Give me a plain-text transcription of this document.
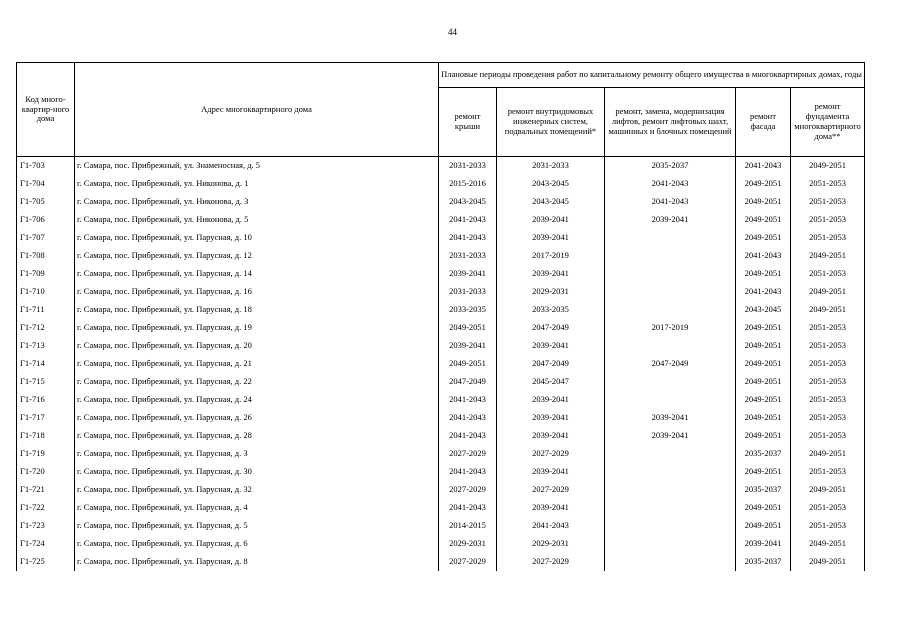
44
Код много-квартир-ного дома	Адрес многоквартирного дома	Плановые периоды проведения работ по капитальному ремонту общего имущества в многоквартирных домах, годы				
		ремонт крыши	ремонт внутридомовых инженерных систем, подвальных помещений*	ремонт, замена, модернизация лифтов, ремонт лифтовых шахт, машинных и блочных помещений	ремонт фасада	ремонт фундамента многоквартирного дома**
Г1-703	г. Самара, пос. Прибрежный, ул. Знаменосная, д. 5	2031-2033	2031-2033	2035-2037	2041-2043	2049-2051
Г1-704	г. Самара, пос. Прибрежный, ул. Никонова, д. 1	2015-2016	2043-2045	2041-2043	2049-2051	2051-2053
Г1-705	г. Самара, пос. Прибрежный, ул. Никонова, д. 3	2043-2045	2043-2045	2041-2043	2049-2051	2051-2053
Г1-706	г. Самара, пос. Прибрежный, ул. Никонова, д. 5	2041-2043	2039-2041	2039-2041	2049-2051	2051-2053
Г1-707	г. Самара, пос. Прибрежный, ул. Парусная, д. 10	2041-2043	2039-2041		2049-2051	2051-2053
Г1-708	г. Самара, пос. Прибрежный, ул. Парусная, д. 12	2031-2033	2017-2019		2041-2043	2049-2051
Г1-709	г. Самара, пос. Прибрежный, ул. Парусная, д. 14	2039-2041	2039-2041		2049-2051	2051-2053
Г1-710	г. Самара, пос. Прибрежный, ул. Парусная, д. 16	2031-2033	2029-2031		2041-2043	2049-2051
Г1-711	г. Самара, пос. Прибрежный, ул. Парусная, д. 18	2033-2035	2033-2035		2043-2045	2049-2051
Г1-712	г. Самара, пос. Прибрежный, ул. Парусная, д. 19	2049-2051	2047-2049	2017-2019	2049-2051	2051-2053
Г1-713	г. Самара, пос. Прибрежный, ул. Парусная, д. 20	2039-2041	2039-2041		2049-2051	2051-2053
Г1-714	г. Самара, пос. Прибрежный, ул. Парусная, д. 21	2049-2051	2047-2049	2047-2049	2049-2051	2051-2053
Г1-715	г. Самара, пос. Прибрежный, ул. Парусная, д. 22	2047-2049	2045-2047		2049-2051	2051-2053
Г1-716	г. Самара, пос. Прибрежный, ул. Парусная, д. 24	2041-2043	2039-2041		2049-2051	2051-2053
Г1-717	г. Самара, пос. Прибрежный, ул. Парусная, д. 26	2041-2043	2039-2041	2039-2041	2049-2051	2051-2053
Г1-718	г. Самара, пос. Прибрежный, ул. Парусная, д. 28	2041-2043	2039-2041	2039-2041	2049-2051	2051-2053
Г1-719	г. Самара, пос. Прибрежный, ул. Парусная, д. 3	2027-2029	2027-2029		2035-2037	2049-2051
Г1-720	г. Самара, пос. Прибрежный, ул. Парусная, д. 30	2041-2043	2039-2041		2049-2051	2051-2053
Г1-721	г. Самара, пос. Прибрежный, ул. Парусная, д. 32	2027-2029	2027-2029		2035-2037	2049-2051
Г1-722	г. Самара, пос. Прибрежный, ул. Парусная, д. 4	2041-2043	2039-2041		2049-2051	2051-2053
Г1-723	г. Самара, пос. Прибрежный, ул. Парусная, д. 5	2014-2015	2041-2043		2049-2051	2051-2053
Г1-724	г. Самара, пос. Прибрежный, ул. Парусная, д. 6	2029-2031	2029-2031		2039-2041	2049-2051
Г1-725	г. Самара, пос. Прибрежный, ул. Парусная, д. 8	2027-2029	2027-2029		2035-2037	2049-2051
